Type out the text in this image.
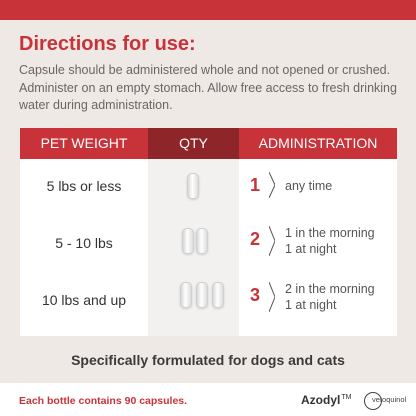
Directions for use:
Capsule should be administered whole and not opened or crushed.
Administer on an empty stomach. Allow free access to fresh drinking
water during administration.
PET WEIGHT	QTY	ADMINISTRATION
5 lbs or less	1	any time
5 - 10 lbs	2	1 in the morning
1 at night
10 lbs and up	3	2 in the morning
1 at night
Specifically formulated for dogs and cats
Each bottle contains 90 capsules.	Azodyl™	vetoquinol
